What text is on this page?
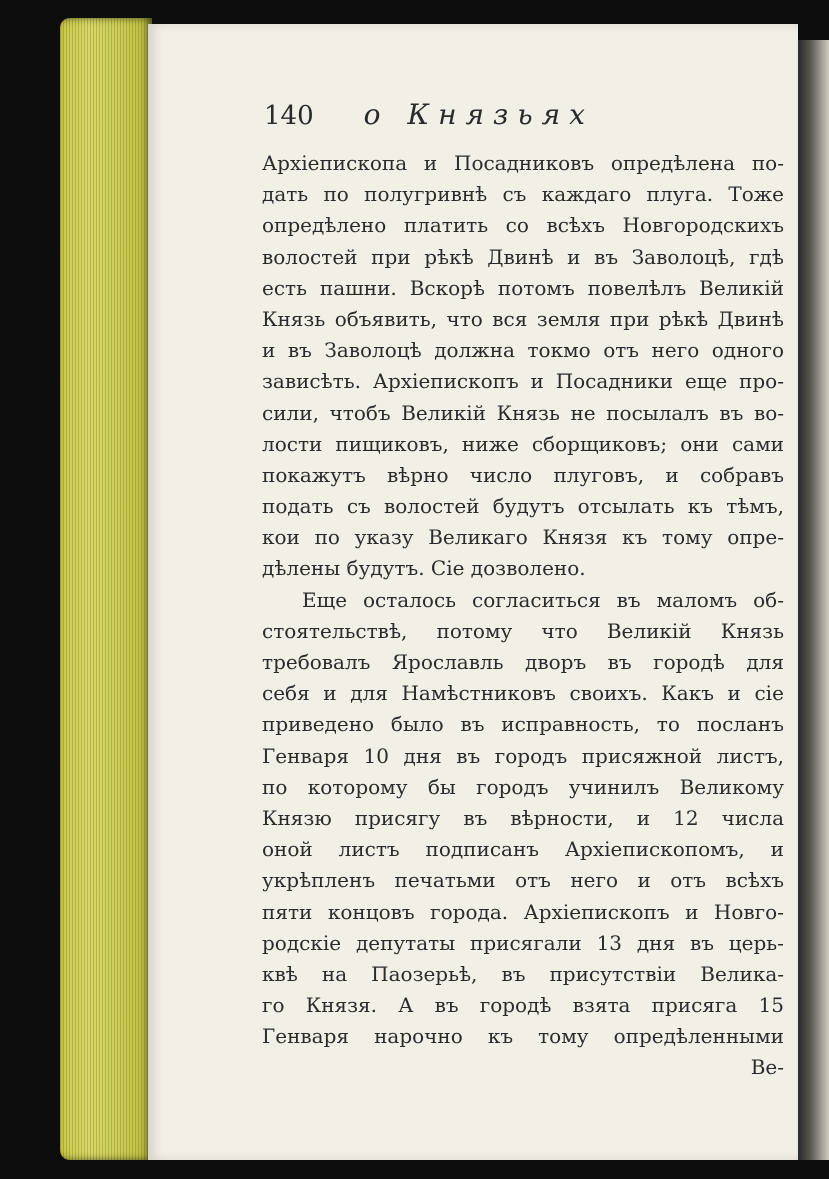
140 о Князьях
Архiепископа и Посадниковъ опредѣлена по-
дать по полугривнѣ съ каждаго плуга. Тоже
опредѣлено платить со всѣхъ Новгородскихъ
волостей при рѣкѣ Двинѣ и въ Заволоцѣ, гдѣ
есть пашни. Вскорѣ потомъ повелѣлъ Великiй
Князь объявить, что вся земля при рѣкѣ Двинѣ
и въ Заволоцѣ должна токмо отъ него одного
зависѣть. Архiепископъ и Посадники еще про-
сили, чтобъ Великiй Князь не посылалъ въ во-
лости пищиковъ, ниже сборщиковъ; они сами
покажутъ вѣрно число плуговъ, и собравъ
подать съ волостей будутъ отсылать къ тѣмъ,
кои по указу Великаго Князя къ тому опре-
дѣлены будутъ. Сiе дозволено.
Еще осталось согласиться въ маломъ об-
стоятельствѣ, потому что Великiй Князь
требовалъ Ярославль дворъ въ городѣ для
себя и для Намѣстниковъ своихъ. Какъ и сiе
приведено было въ исправность, то посланъ
Генваря 10 дня въ городъ присяжной листъ,
по которому бы городъ учинилъ Великому
Князю присягу въ вѣрности, и 12 числа
оной листъ подписанъ Архiепископомъ, и
укрѣпленъ печатьми отъ него и отъ всѣхъ
пяти концовъ города. Архiепископъ и Новго-
родскiе депутаты присягали 13 дня въ церь-
квѣ на Паозерьѣ, въ присутствiи Велика-
го Князя. А въ городѣ взята присяга 15
Генваря нарочно къ тому опредѣленными
Ве-
